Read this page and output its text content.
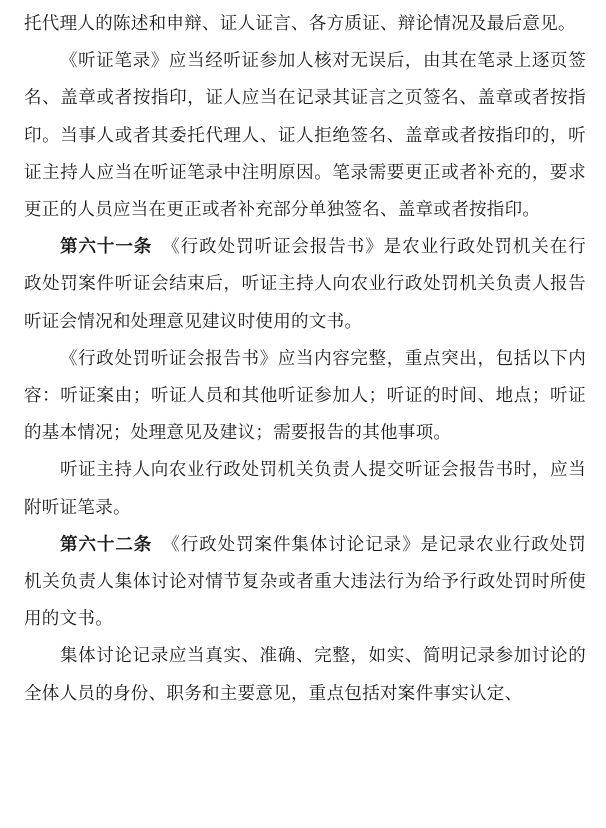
托代理人的陈述和申辩、证人证言、各方质证、辩论情况及最后意见。

《听证笔录》应当经听证参加人核对无误后，由其在笔录上逐页签名、盖章或者按指印，证人应当在记录其证言之页签名、盖章或者按指印。当事人或者其委托代理人、证人拒绝签名、盖章或者按指印的，听证主持人应当在听证笔录中注明原因。笔录需要更正或者补充的，要求更正的人员应当在更正或者补充部分单独签名、盖章或者按指印。

第六十一条 《行政处罚听证会报告书》是农业行政处罚机关在行政处罚案件听证会结束后，听证主持人向农业行政处罚机关负责人报告听证会情况和处理意见建议时使用的文书。

《行政处罚听证会报告书》应当内容完整，重点突出，包括以下内容：听证案由；听证人员和其他听证参加人；听证的时间、地点；听证的基本情况；处理意见及建议；需要报告的其他事项。

听证主持人向农业行政处罚机关负责人提交听证会报告书时，应当附听证笔录。

第六十二条 《行政处罚案件集体讨论记录》是记录农业行政处罚机关负责人集体讨论对情节复杂或者重大违法行为给予行政处罚时所使用的文书。

集体讨论记录应当真实、准确、完整，如实、简明记录参加讨论的全体人员的身份、职务和主要意见，重点包括对案件事实认定、
